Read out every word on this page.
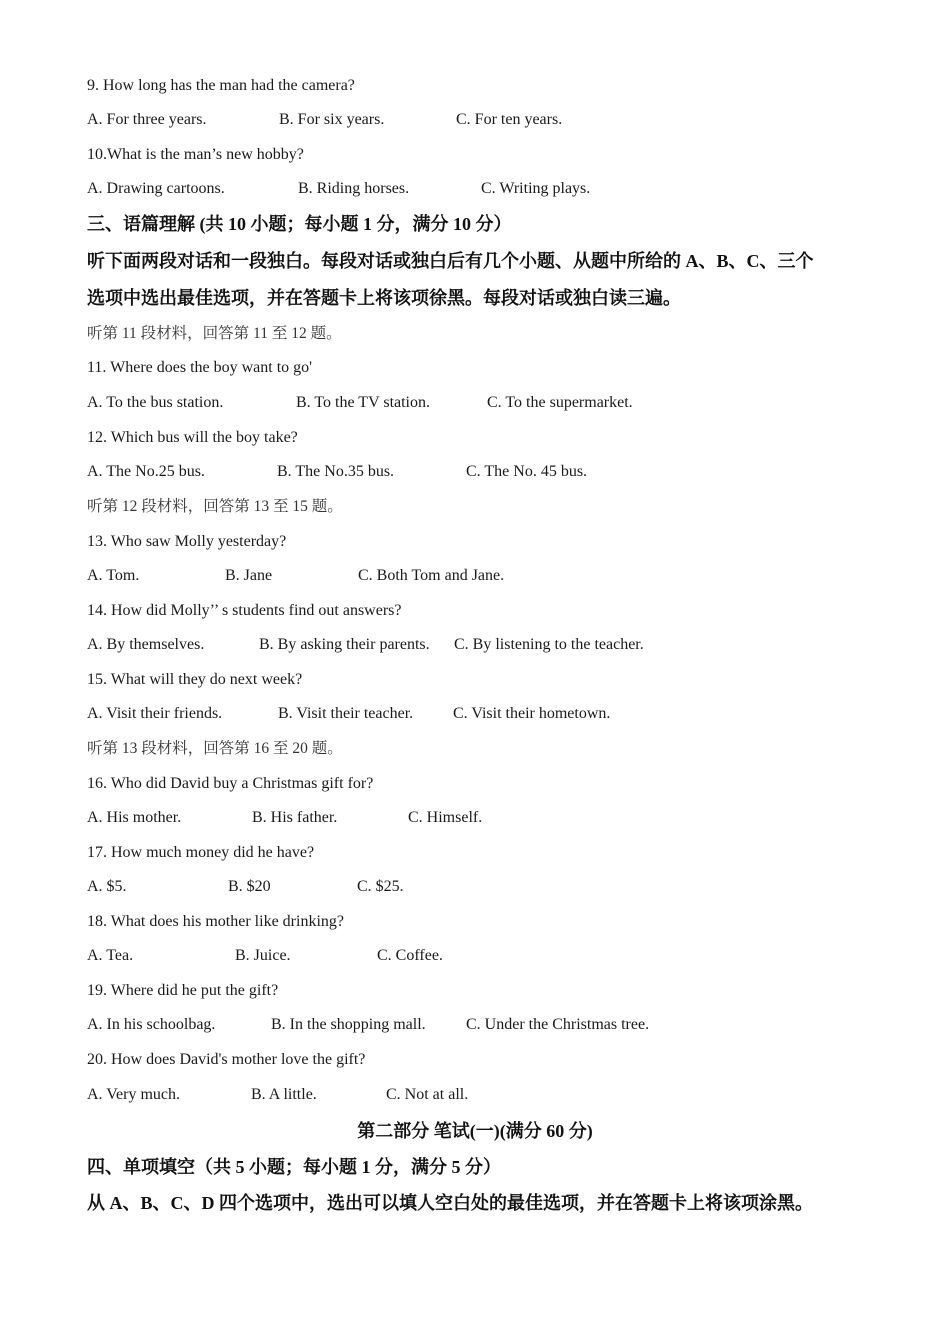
9. How long has the man had the camera?
A. For three years.	B. For six years.	C. For ten years.
10.What is the man’s new hobby?
A. Drawing cartoons.	B. Riding horses.	C. Writing plays.
三、语篇理解 (共 10 小题；每小题 1 分，满分 10 分）
听下面两段对话和一段独白。每段对话或独白后有几个小题、从题中所给的 A、B、C、三个
选项中选出最佳选项，并在答题卡上将该项徐黑。每段对话或独白读三遍。
听第 11 段材料，回答第 11 至 12 题。
11. Where does the boy want to go'
A. To the bus station.	B. To the TV station.	C. To the supermarket.
12. Which bus will the boy take?
A. The No.25 bus.	B. The No.35 bus.	C. The No. 45 bus.
听第 12 段材料，回答第 13 至 15 题。
13. Who saw Molly yesterday?
A. Tom.	B. Jane	C. Both Tom and Jane.
14. How did Molly’’ s students find out answers?
A. By themselves.	B. By asking their parents. C. By listening to the teacher.
15. What will they do next week?
A. Visit their friends.	B. Visit their teacher. C. Visit their hometown.
听第 13 段材料，回答第 16 至 20 题。
16. Who did David buy a Christmas gift for?
A. His mother.	B. His father.	C. Himself.
17. How much money did he have?
A. $5.	B. $20	C. $25.
18. What does his mother like drinking?
A. Tea.	B. Juice.	C. Coffee.
19. Where did he put the gift?
A. In his schoolbag.	B. In the shopping mall.	C. Under the Christmas tree.
20. How does David's mother love the gift?
A. Very much.	B. A little.	C. Not at all.
第二部分 笔试(一)(满分 60 分)
四、单项填空（共 5 小题；每小题 1 分，满分 5 分）
从 A、B、C、D 四个选项中，选出可以填人空白处的最佳选项，并在答题卡上将该项涂黑。
